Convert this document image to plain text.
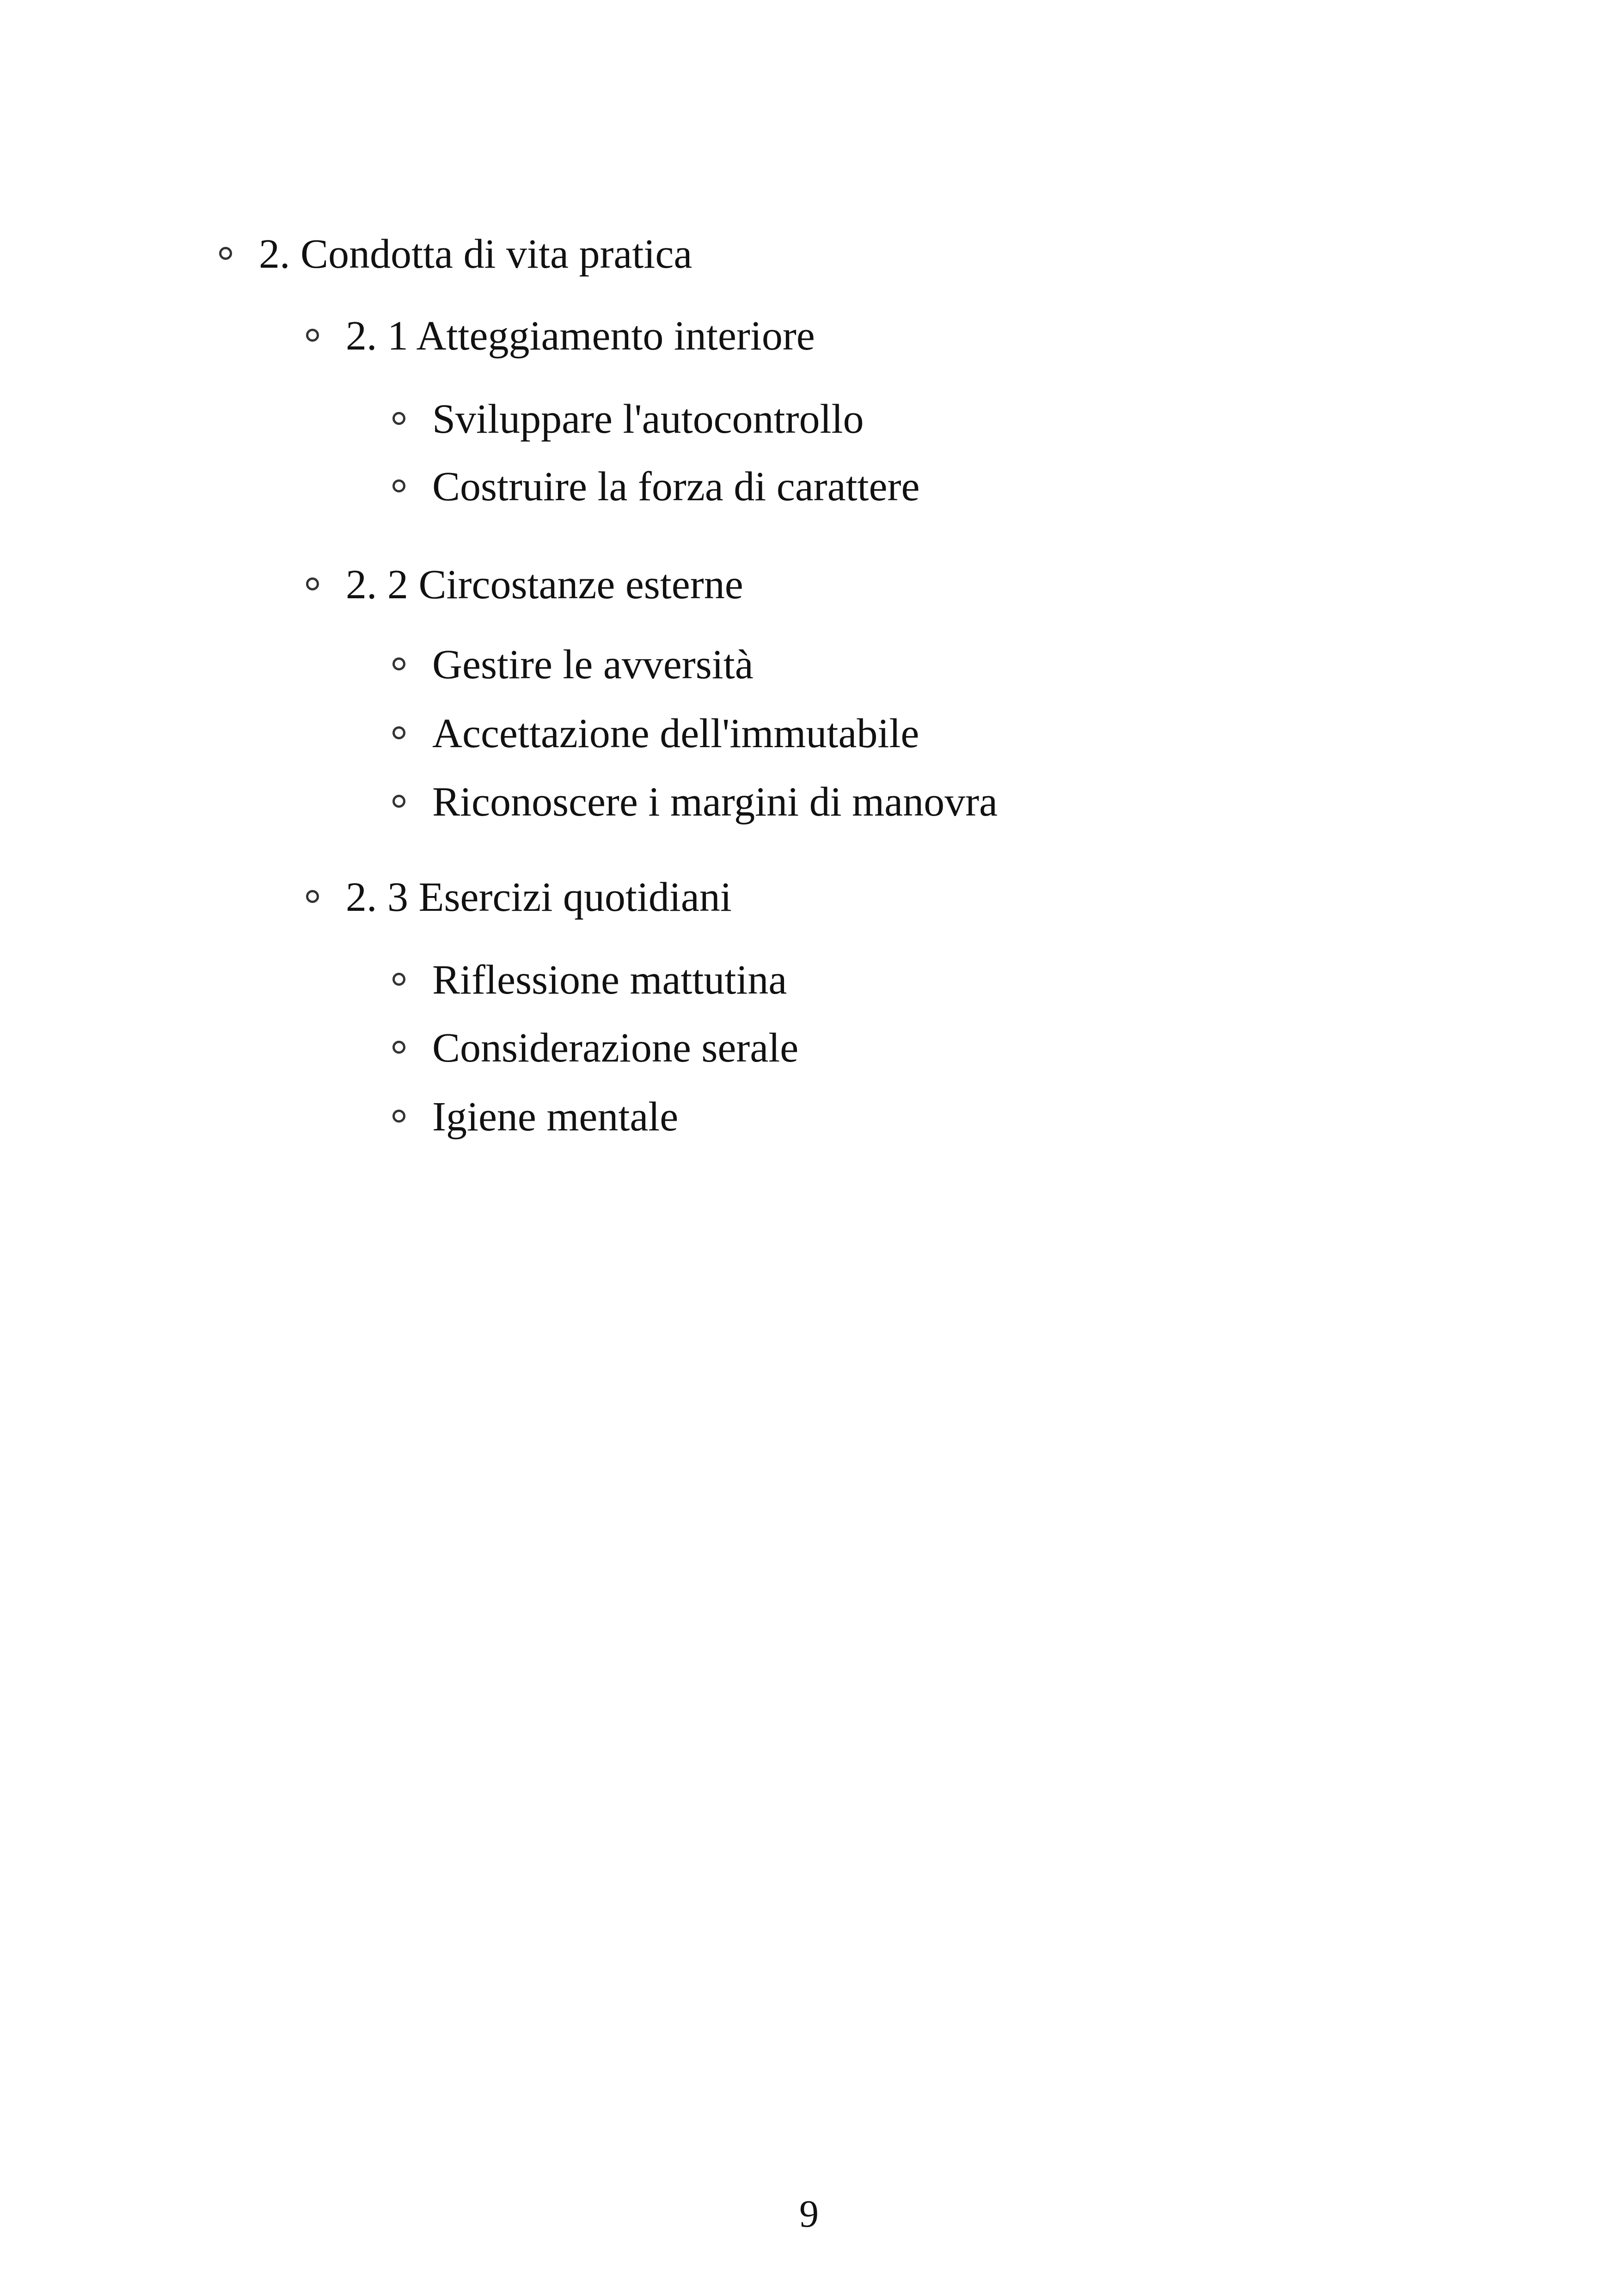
2. Condotta di vita pratica
2. 1 Atteggiamento interiore
Sviluppare l'autocontrollo
Costruire la forza di carattere
2. 2 Circostanze esterne
Gestire le avversità
Accettazione dell'immutabile
Riconoscere i margini di manovra
2. 3 Esercizi quotidiani
Riflessione mattutina
Considerazione serale
Igiene mentale
9
